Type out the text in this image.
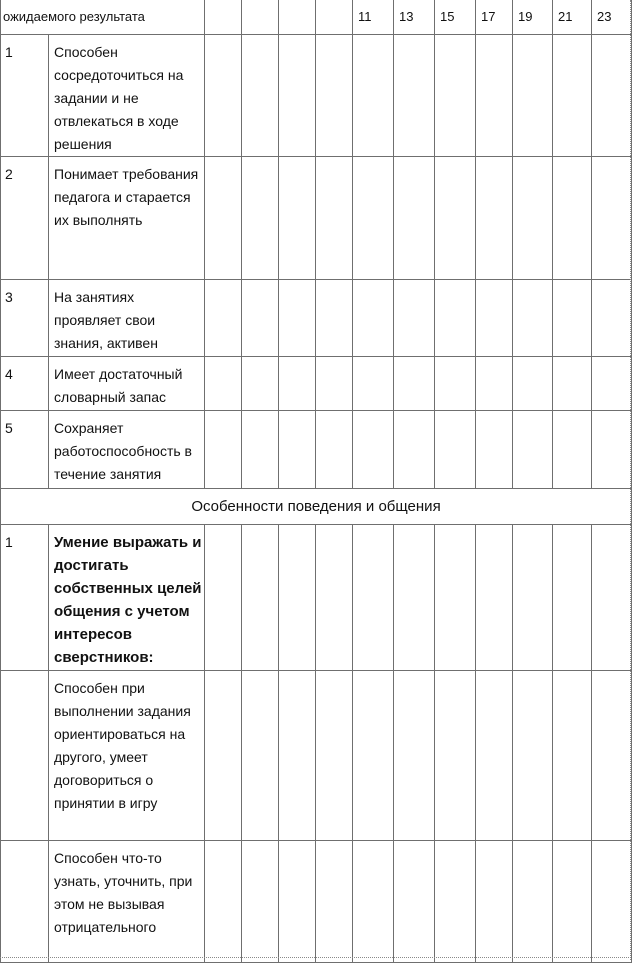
ожидаемого результата						11	13	15	17	19	21	23
1	Способен сосредоточиться на задании и не отвлекаться в ходе решения											
2	Понимает требования педагога и старается их выполнять											
3	На занятиях проявляет свои знания, активен											
4	Имеет достаточный словарный запас											
5	Сохраняет работоспособность в течение занятия											
Особенности поведения и общения												
1	Умение выражать и достигать собственных целей общения с учетом интересов сверстников:											
	Способен при выполнении задания ориентироваться на другого, умеет договориться о принятии в игру											
	Способен что-то узнать, уточнить, при этом не вызывая отрицательного											
